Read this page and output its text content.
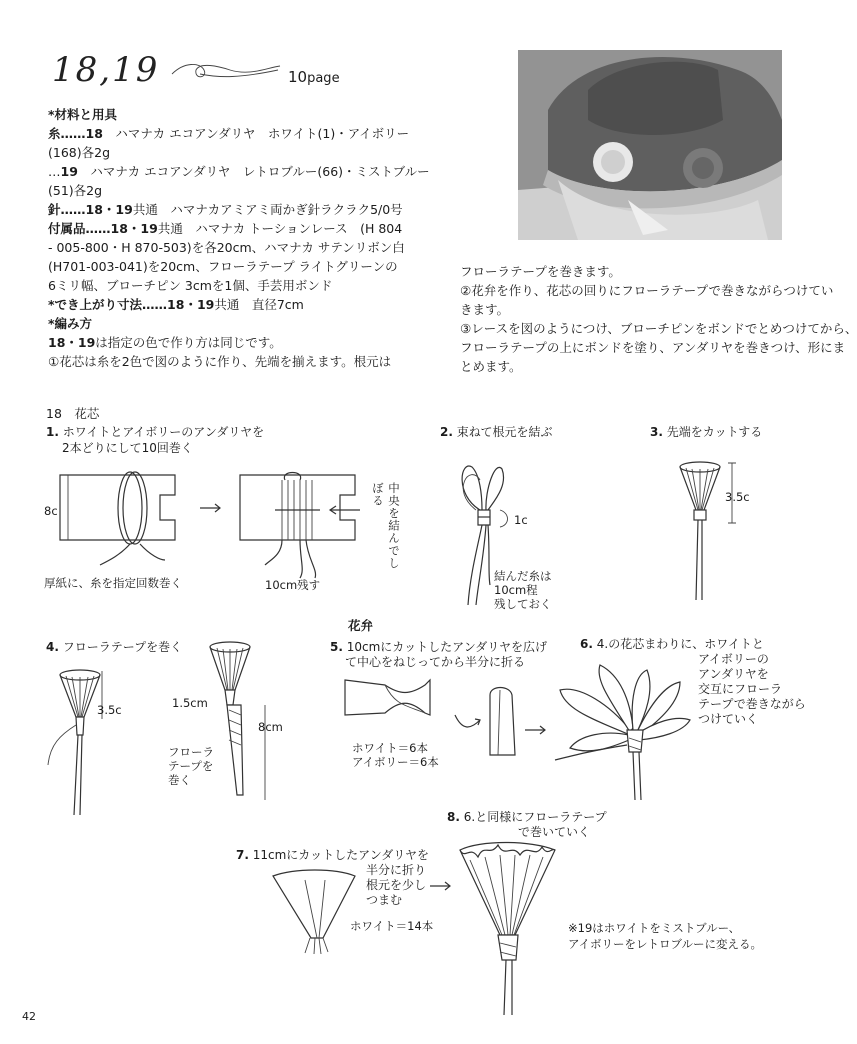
18,19	10page

*材料と用具

糸……18　ハマナカ エコアンダリヤ　ホワイト(1)・アイボリー

(168)各2g

…19　ハマナカ エコアンダリヤ　レトロブルー(66)・ミストブルー

(51)各2g

針……18・19共通　ハマナカアミアミ両かぎ針ラクラク5/0号

付属品……18・19共通　ハマナカ トーションレース　(H 804

- 005-800・H 870-503)を各20cm、ハマナカ サテンリボン白

(H701-003-041)を20cm、フローラテープ ライトグリーンの

6ミリ幅、ブローチピン 3cmを1個、手芸用ボンド

*でき上がり寸法……18・19共通　直径7cm

*編み方

18・19は指定の色で作り方は同じです。

①花芯は糸を2色で図のように作り、先端を揃えます。根元は

フローラテープを巻きます。

②花弁を作り、花芯の回りにフローラテープで巻きながらつけてい

きます。

③レースを図のようにつけ、ブローチピンをボンドでとめつけてから、

フローラテープの上にボンドを塗り、アンダリヤを巻きつけ、形にま

とめます。

18　花芯
1. ホワイトとアイボリーのアンダリヤを
2本どりにして10回巻く
8c
厚紙に、糸を指定回数巻く
中央を結んでしぼる
10cm残す
2. 束ねて根元を結ぶ
1c
結んだ糸は
10cm程
残しておく
3. 先端をカットする
3.5c
花弁
4. フローラテープを巻く
3.5c	1.5cm
8cm
フローラ
テープを
巻く
5. 10cmにカットしたアンダリヤを広げ
て中心をねじってから半分に折る
ホワイト＝6本
アイボリー＝6本
6. 4.の花芯まわりに、ホワイトと
アイボリーの
アンダリヤを
交互にフローラ
テープで巻きながら
つけていく
8. 6.と同様にフローラテープ
で巻いていく
7. 11cmにカットしたアンダリヤを
半分に折り
根元を少し
つまむ
ホワイト＝14本	※19はホワイトをミストブルー、
アイボリーをレトロブルーに変える。
42
